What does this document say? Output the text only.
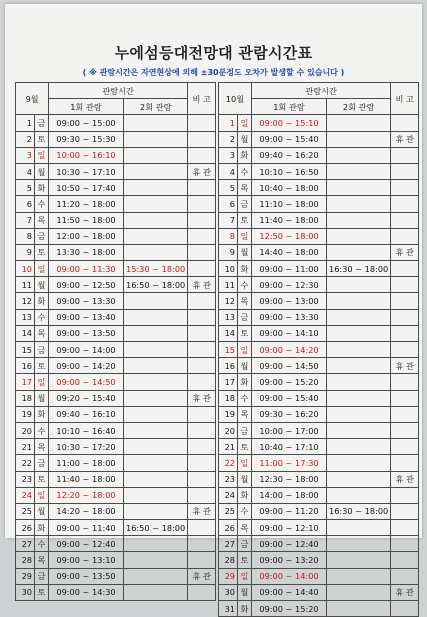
누에섬등대전망대 관람시간표
( ※ 관람시간은 자연현상에 의해 ±30분정도 오차가 발생할 수 있습니다 )
9월		관람시간		비 고
		1회 관람	2회 관람	
1	금	09:00 ~ 15:00		
2	토	09:30 ~ 15:30		
3	일	10:00 ~ 16:10		
4	월	10:30 ~ 17:10		휴 관
5	화	10:50 ~ 17:40		
6	수	11:20 ~ 18:00		
7	목	11:50 ~ 18:00		
8	금	12:00 ~ 18:00		
9	토	13:30 ~ 18:00		
10	일	09:00 ~ 11:30	15:30 ~ 18:00	
11	월	09:00 ~ 12:50	16:50 ~ 18:00	휴 관
12	화	09:00 ~ 13:30		
13	수	09:00 ~ 13:40		
14	목	09:00 ~ 13:50		
15	금	09:00 ~ 14:00		
16	토	09:00 ~ 14:20		
17	일	09:00 ~ 14:50		
18	월	09:20 ~ 15:40		휴 관
19	화	09:40 ~ 16:10		
20	수	10:10 ~ 16:40		
21	목	10:30 ~ 17:20		
22	금	11:00 ~ 18:00		
23	토	11:40 ~ 18:00		
24	일	12:20 ~ 18:00		
25	월	14:20 ~ 18:00		휴 관
26	화	09:00 ~ 11:40	16:50 ~ 18:00	
27	수	09:00 ~ 12:40		
28	목	09:00 ~ 13:10		
29	금	09:00 ~ 13:50		휴 관
30	토	09:00 ~ 14:30		
10월		관람시간		비 고
		1회 관람	2회 관람	
1	일	09:00 ~ 15:10		
2	월	09:00 ~ 15:40		휴 관
3	화	09:40 ~ 16:20		
4	수	10:10 ~ 16:50		
5	목	10:40 ~ 18:00		
6	금	11:10 ~ 18:00		
7	토	11:40 ~ 18:00		
8	일	12:50 ~ 18:00		
9	월	14:40 ~ 18:00		휴 관
10	화	09:00 ~ 11:00	16:30 ~ 18:00	
11	수	09:00 ~ 12:30		
12	목	09:00 ~ 13:00		
13	금	09:00 ~ 13:30		
14	토	09:00 ~ 14:10		
15	일	09:00 ~ 14:20		
16	월	09:00 ~ 14:50		휴 관
17	화	09:00 ~ 15:20		
18	수	09:00 ~ 15:40		
19	목	09:30 ~ 16:20		
20	금	10:00 ~ 17:00		
21	토	10:40 ~ 17:10		
22	일	11:00 ~ 17:30		
23	월	12:30 ~ 18:00		휴 관
24	화	14:00 ~ 18:00		
25	수	09:00 ~ 11:20	16:30 ~ 18:00	
26	목	09:00 ~ 12:10		
27	금	09:00 ~ 12:40		
28	토	09:00 ~ 13:20		
29	일	09:00 ~ 14:00		
30	월	09:00 ~ 14:40		휴 관
31	화	09:00 ~ 15:20		
